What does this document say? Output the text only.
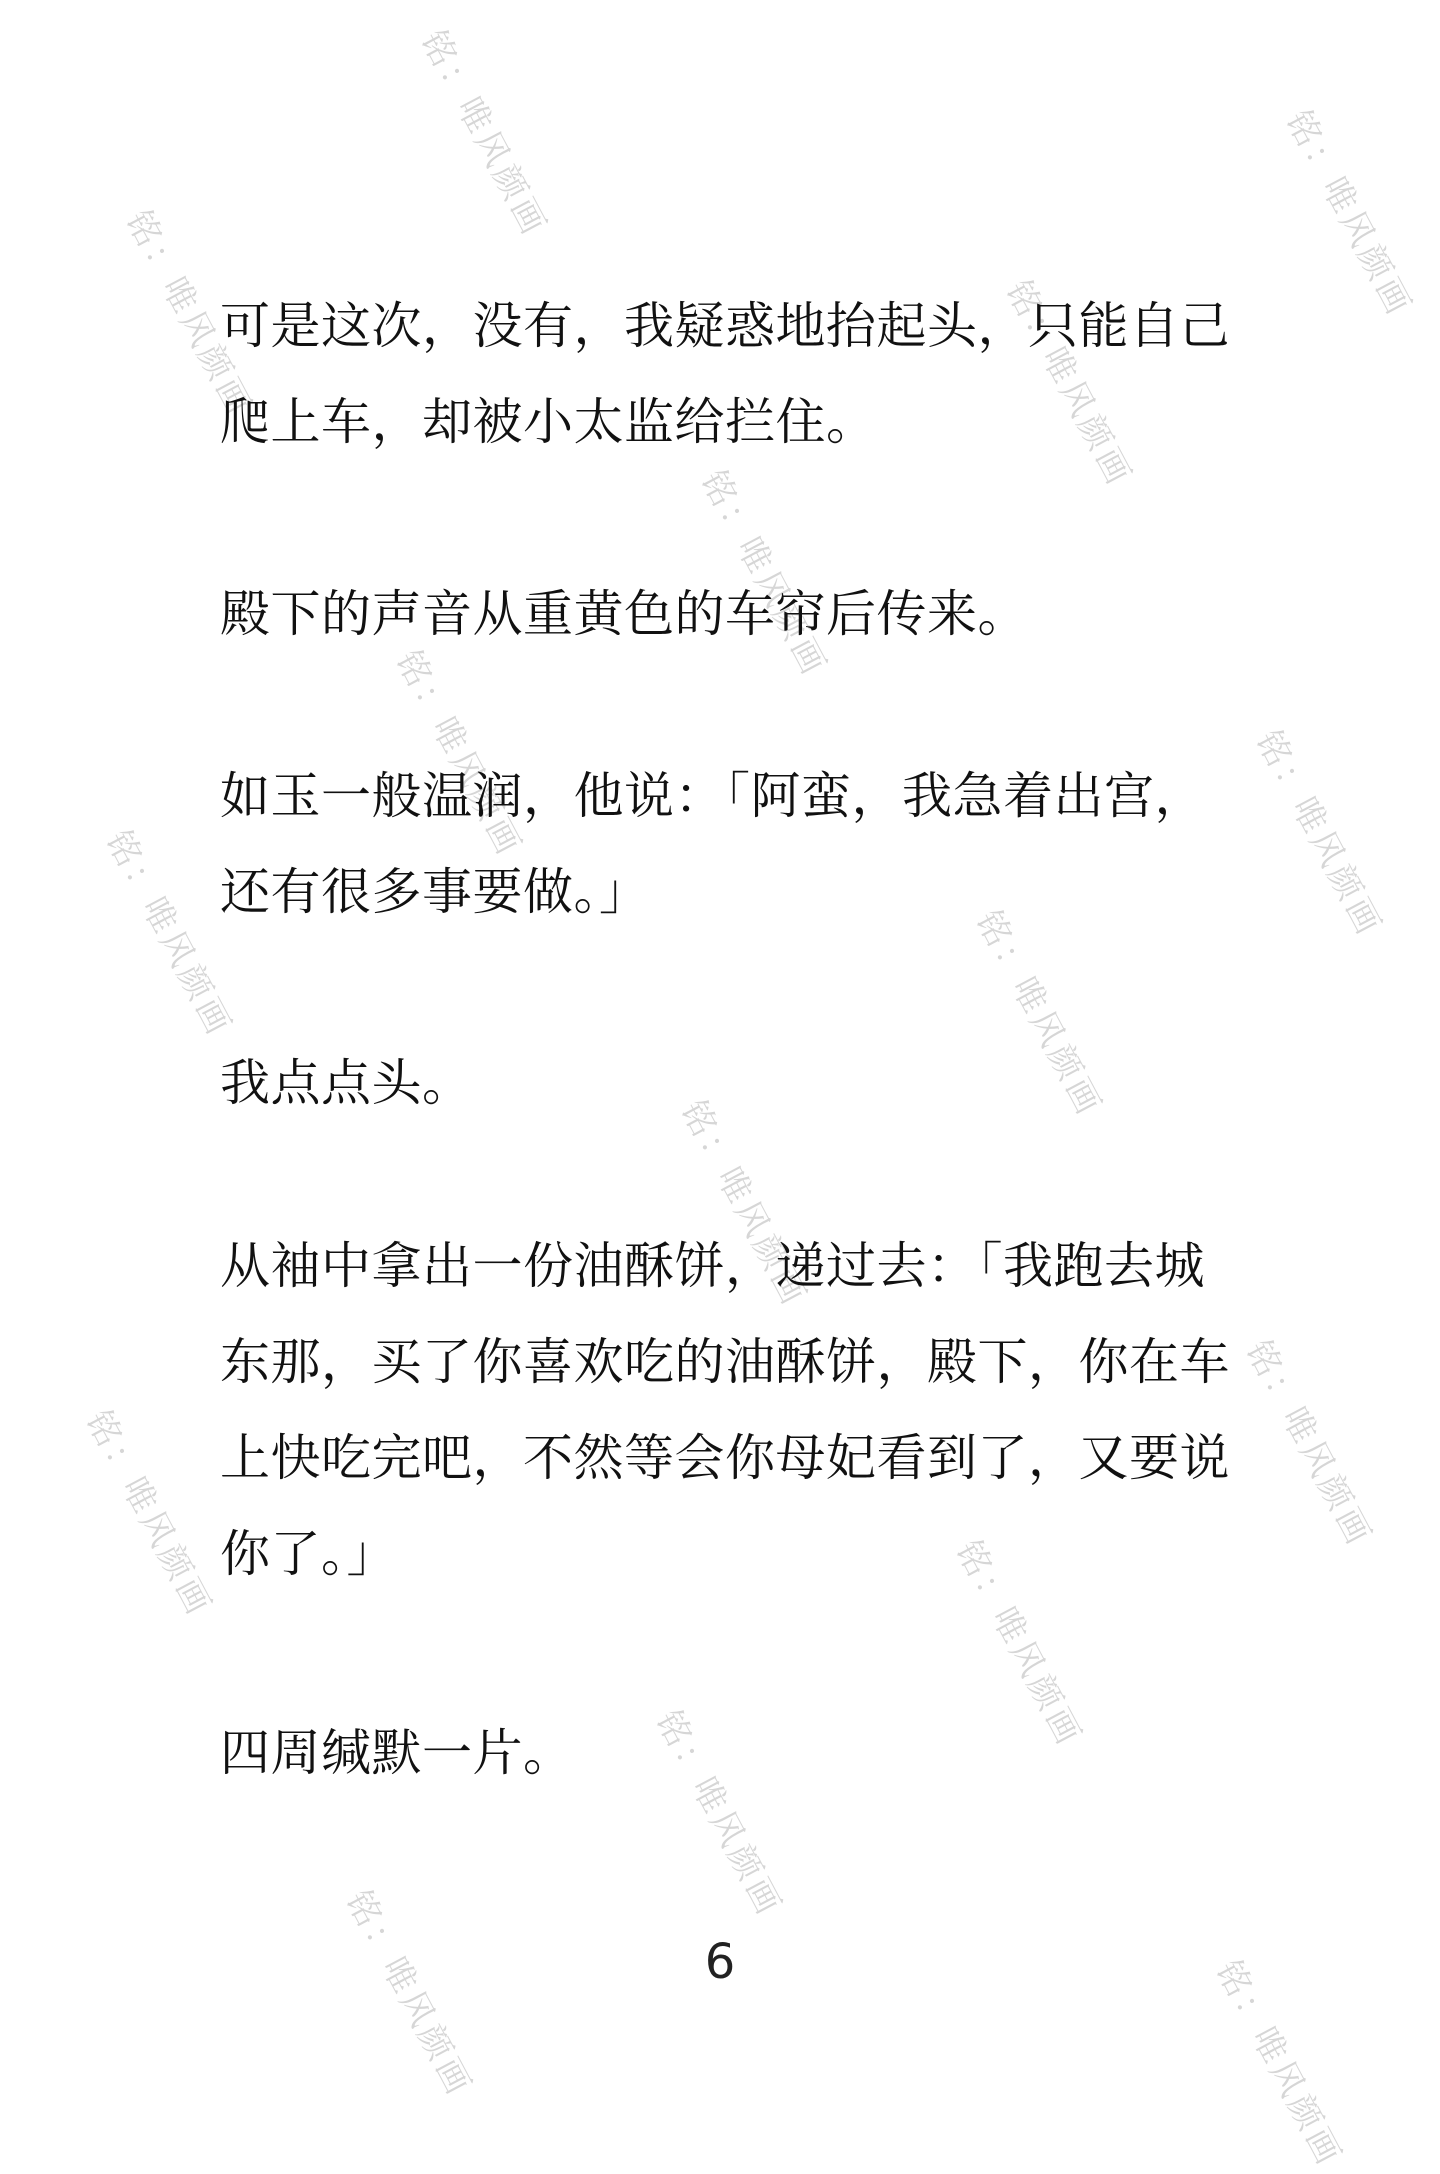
铭：唯风颜画	铭：唯风颜画
铭：唯风颜画	铭：唯风颜画
铭：唯风颜画
铭：唯风颜画	铭：唯风颜画
铭：唯风颜画	铭：唯风颜画
铭：唯风颜画
铭：唯风颜画
铭：唯风颜画
铭：唯风颜画
铭：唯风颜画
铭：唯风颜画	铭：唯风颜画

可是这次，没有，我疑惑地抬起头，只能自己爬上车，却被小太监给拦住。

殿下的声音从重黄色的车帘后传来。

如玉一般温润，他说：「阿蛮，我急着出宫，还有很多事要做。」

我点点头。

从袖中拿出一份油酥饼，递过去：「我跑去城东那，买了你喜欢吃的油酥饼，殿下，你在车上快吃完吧，不然等会你母妃看到了，又要说你了。」

四周缄默一片。

6
